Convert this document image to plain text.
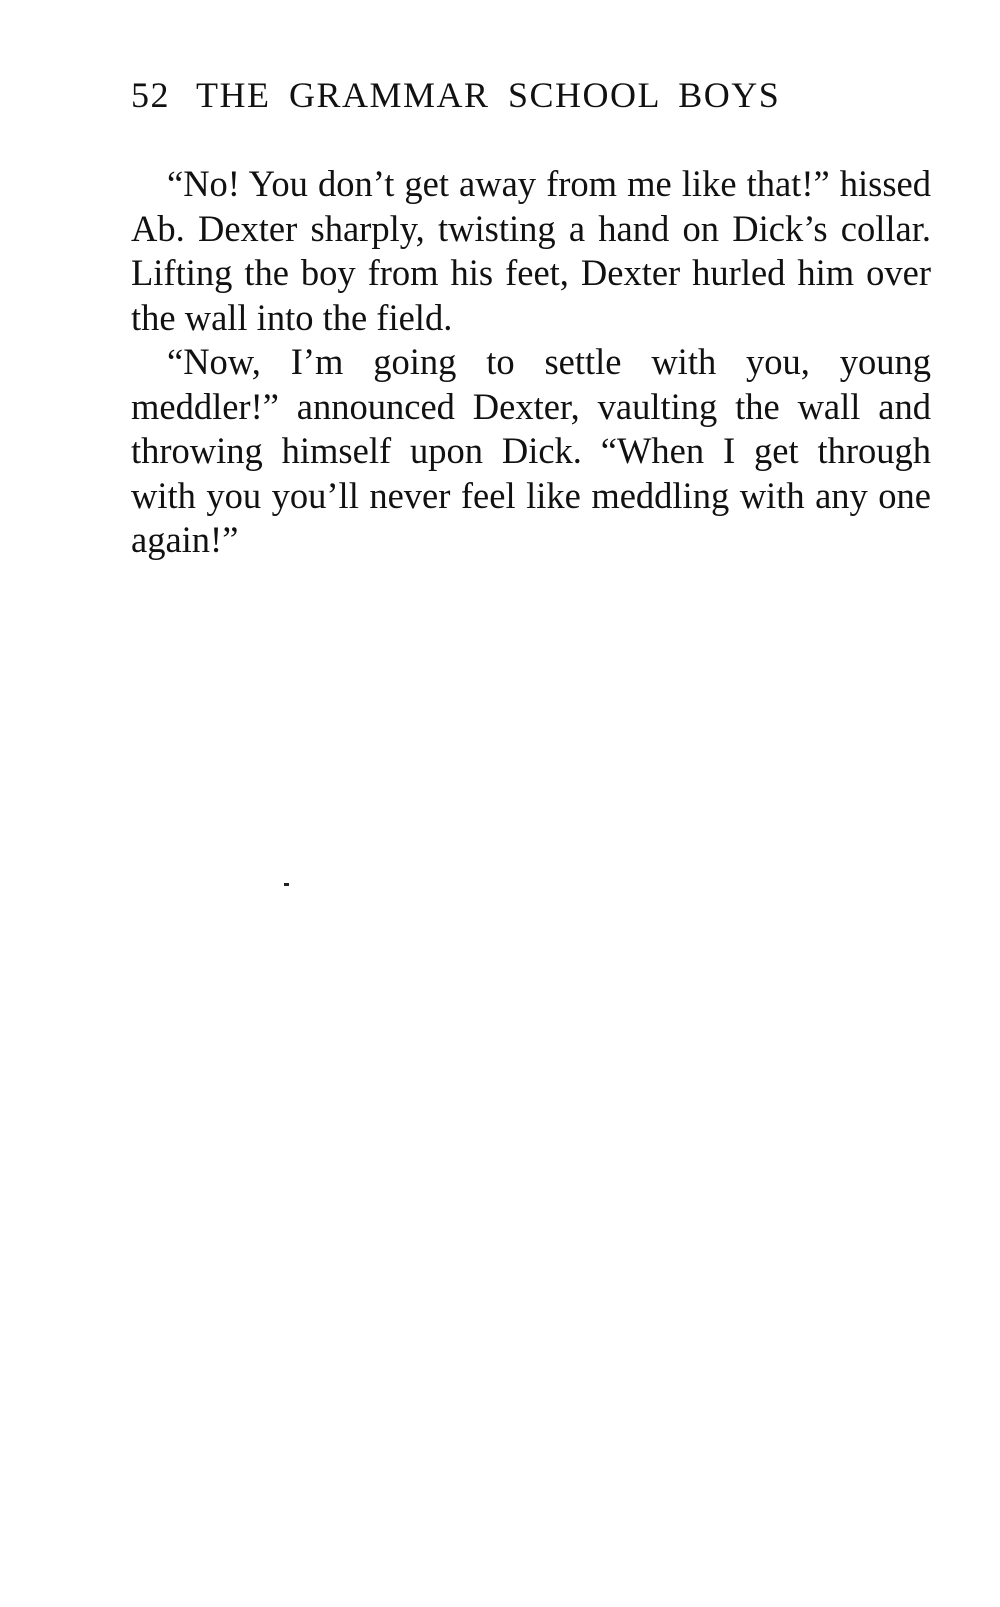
52 THE GRAMMAR SCHOOL BOYS

“No! You don’t get away from me like that!” hissed Ab. Dexter sharply, twisting a hand on Dick’s collar. Lifting the boy from his feet, Dexter hurled him over the wall into the field.

“Now, I’m going to settle with you, young meddler!” announced Dexter, vaulting the wall and throwing himself upon Dick. “When I get through with you you’ll never feel like meddling with any one again!”
